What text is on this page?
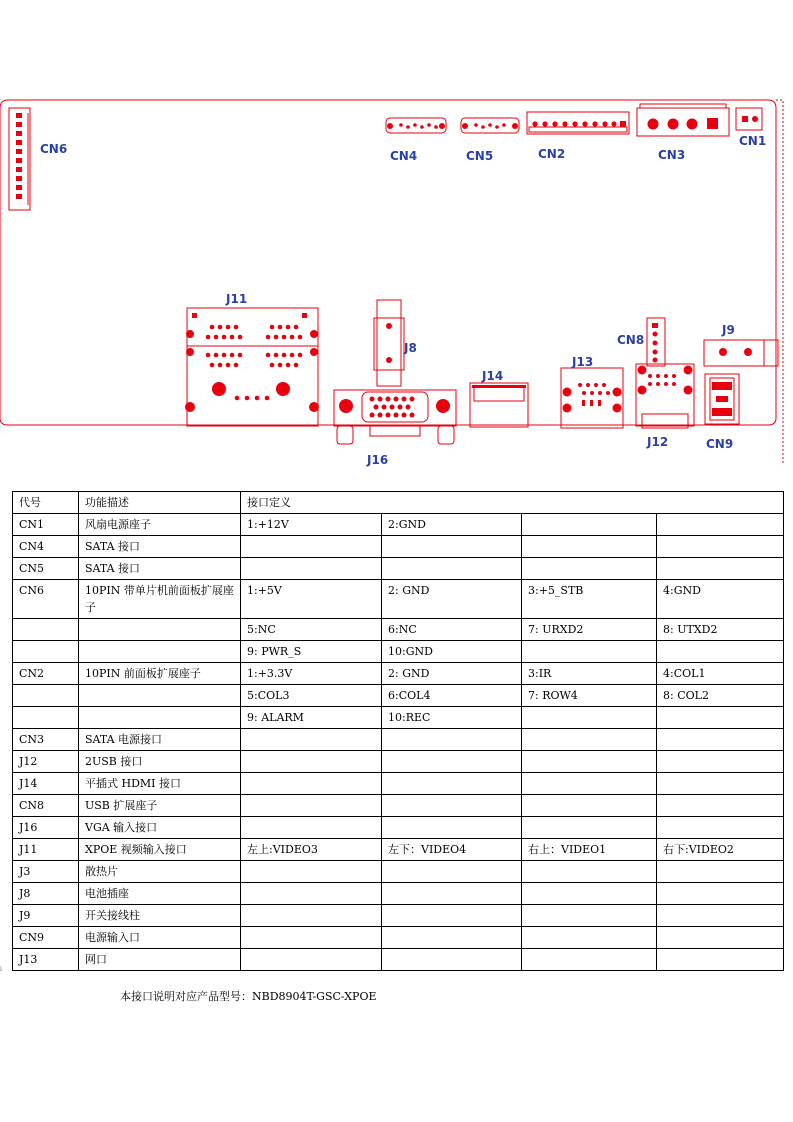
CN6	CN4	CN5	CN2	CN3
CN1
J11
J8
J14
J13
CN8
J9
J16
J12	CN9
代号	功能描述	接口定义			
CN1	风扇电源座子	1:+12V	2:GND		
CN4	SATA 接口				
CN5	SATA 接口				
CN6	10PIN 带单片机前面板扩展座子	1:+5V	2: GND	3:+5_STB	4:GND
		5:NC	6:NC	7: URXD2	8: UTXD2
		9: PWR_S	10:GND		
CN2	10PIN 前面板扩展座子	1:+3.3V	2: GND	3:IR	4:COL1
		5:COL3	6:COL4	7: ROW4	8: COL2
		9: ALARM	10:REC		
CN3	SATA 电源接口				
J12	2USB 接口				
J14	平插式 HDMI 接口				
CN8	USB 扩展座子				
J16	VGA 输入接口				
J11	XPOE 视频输入接口	左上:VIDEO3	左下：VIDEO4	右上：VIDEO1	右下:VIDEO2
J3	散热片				
J8	电池插座				
J9	开关接线柱				
CN9	电源输入口				
J13	网口				
i
本接口说明对应产品型号：NBD8904T-GSC-XPOE
